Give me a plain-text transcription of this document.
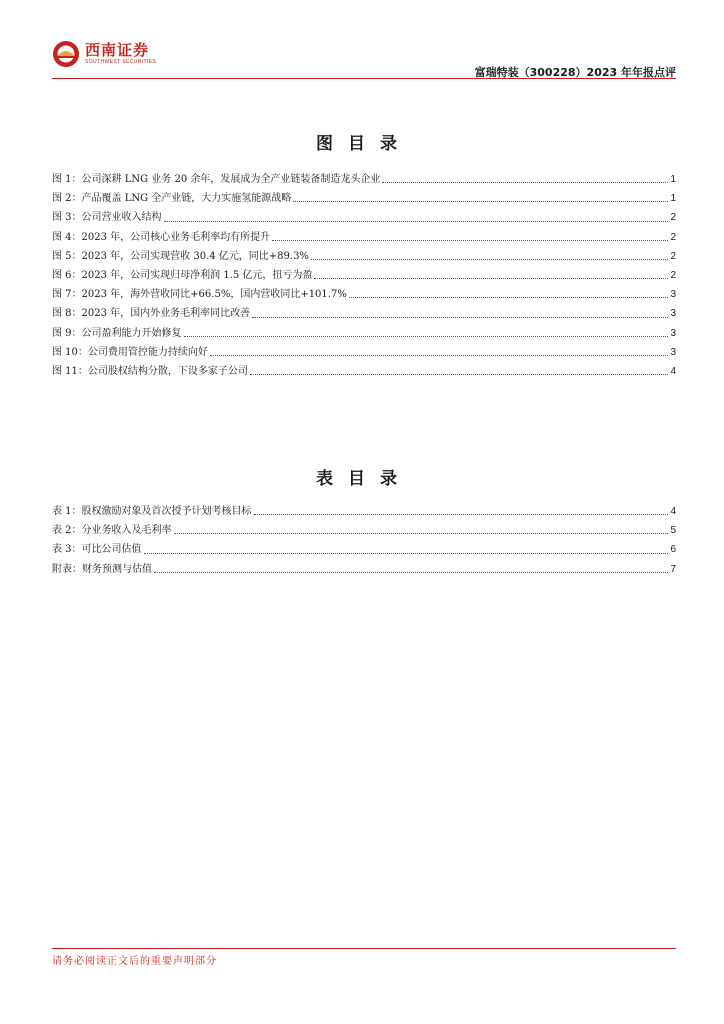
西南证券
SOUTHWEST SECURITIES
富瑞特装（300228）2023 年年报点评
图目录
图 1：公司深耕 LNG 业务 20 余年，发展成为全产业链装备制造龙头企业	1
图 2：产品覆盖 LNG 全产业链，大力实施氢能源战略	1
图 3：公司营业收入结构	2
图 4：2023 年，公司核心业务毛利率均有所提升	2
图 5：2023 年，公司实现营收 30.4 亿元，同比+89.3%	2
图 6：2023 年，公司实现归母净利润 1.5 亿元，扭亏为盈	2
图 7：2023 年，海外营收同比+66.5%，国内营收同比+101.7%	3
图 8：2023 年，国内外业务毛利率同比改善	3
图 9：公司盈利能力开始修复	3
图 10：公司费用管控能力持续向好	3
图 11：公司股权结构分散，下设多家子公司	4
表目录
表 1：股权激励对象及首次授予计划考核目标	4
表 2：分业务收入及毛利率	5
表 3：可比公司估值	6
附表：财务预测与估值	7
请务必阅读正文后的重要声明部分
